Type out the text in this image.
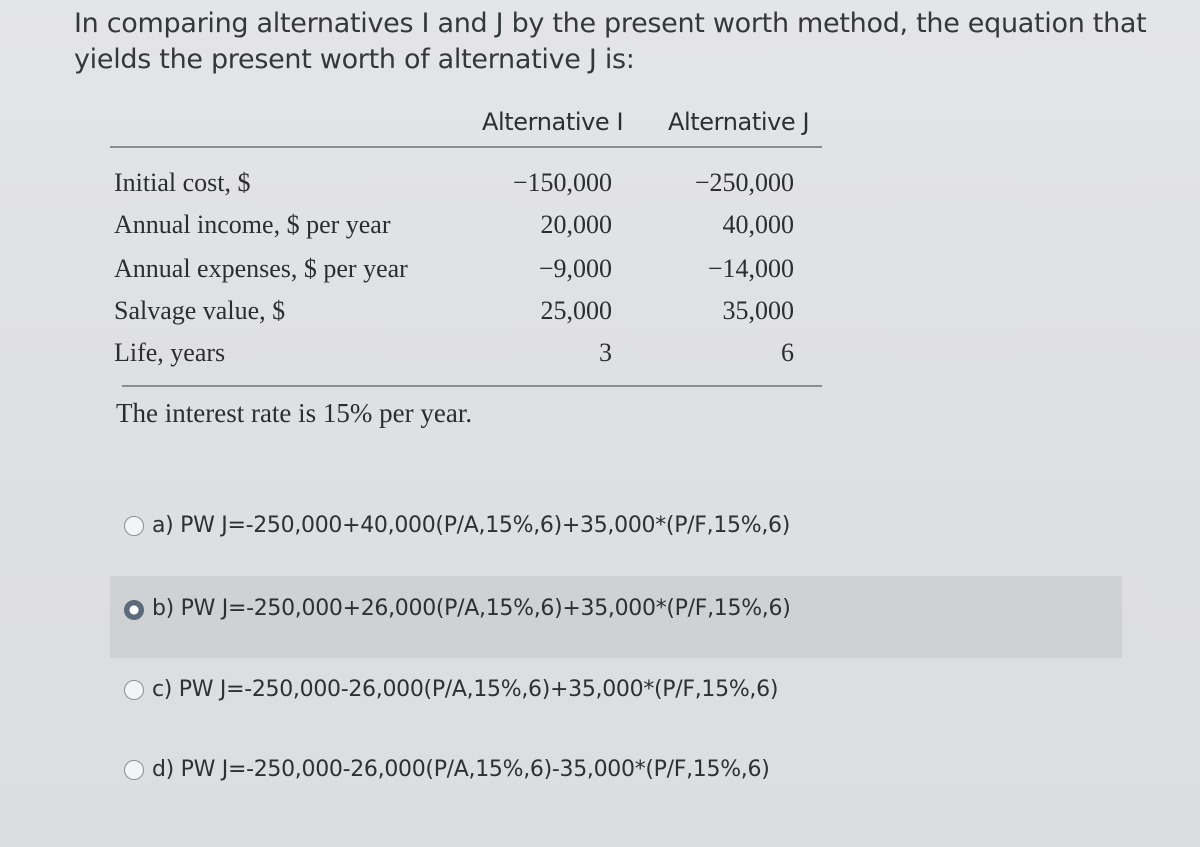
In comparing alternatives I and J by the present worth method, the equation that yields the present worth of alternative J is:

Alternative I Alternative J
Initial cost, $	−150,000	−250,000
Annual income, $ per year	20,000	40,000
Annual expenses, $ per year	−9,000	−14,000
Salvage value, $	25,000	35,000
Life, years	3	6
The interest rate is 15% per year.
a) PW J=-250,000+40,000(P/A,15%,6)+35,000*(P/F,15%,6)
b) PW J=-250,000+26,000(P/A,15%,6)+35,000*(P/F,15%,6)
c) PW J=-250,000-26,000(P/A,15%,6)+35,000*(P/F,15%,6)
d) PW J=-250,000-26,000(P/A,15%,6)-35,000*(P/F,15%,6)
